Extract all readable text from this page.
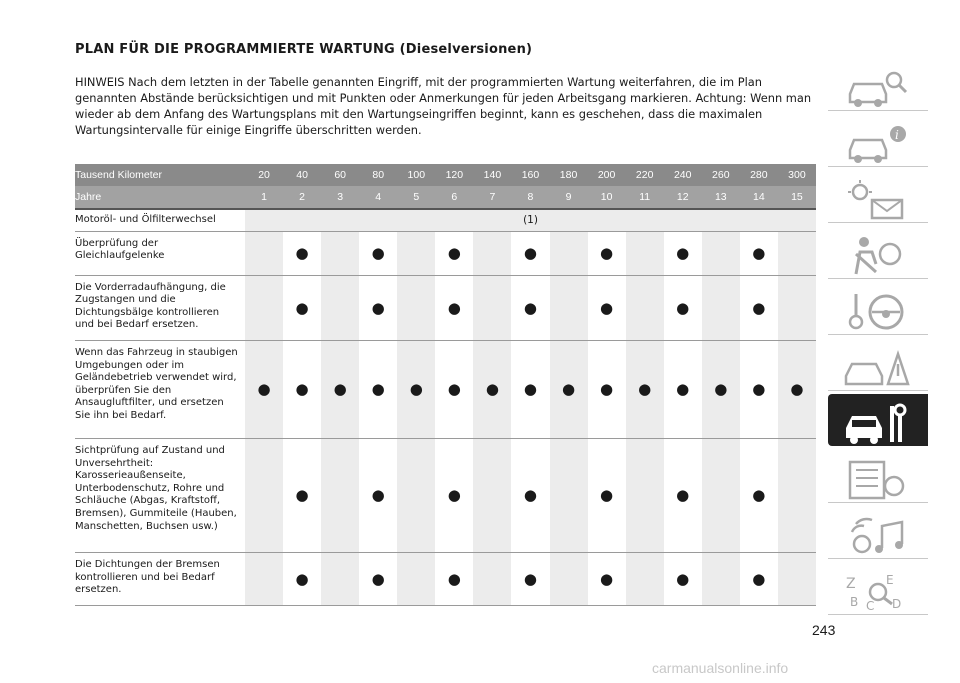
PLAN FÜR DIE PROGRAMMIERTE WARTUNG (Dieselversionen)
HINWEIS Nach dem letzten in der Tabelle genannten Eingriff, mit der programmierten Wartung weiterfahren, die im Plan genannten Abstände berücksichtigen und mit Punkten oder Anmerkungen für jeden Arbeitsgang markieren. Achtung: Wenn man wieder ab dem Anfang des Wartungsplans mit den Wartungseingriffen beginnt, kann es geschehen, dass die maximalen Wartungsintervalle für einige Eingriffe überschritten werden.
Tausend Kilometer	20	40	60	80	100	120	140	160	180	200	220	240	260	280	300
Jahre	1	2	3	4	5	6	7	8	9	10	11	12	13	14	15
Motoröl- und Ölfilterwechsel	(1)														
Überprüfung der Gleichlaufgelenke		●		●		●		●		●		●		●	
Die Vorderradaufhängung, die Zugstangen und die Dichtungsbälge kontrollieren und bei Bedarf ersetzen.		●		●		●		●		●		●		●	
Wenn das Fahrzeug in staubigen Umgebungen oder im Geländebetrieb verwendet wird, überprüfen Sie den Ansaugluftfilter, und ersetzen Sie ihn bei Bedarf.	●	●	●	●	●	●	●	●	●	●	●	●	●	●	●
Sichtprüfung auf Zustand und Unversehrtheit: Karosserieaußenseite, Unterbodenschutz, Rohre und Schläuche (Abgas, Kraftstoff, Bremsen), Gummiteile (Hauben, Manschetten, Buchsen usw.)		●		●		●		●		●		●		●	
Die Dichtungen der Bremsen kontrollieren und bei Bedarf ersetzen.		●		●		●		●		●		●		●	
i
Z	E
B C D
243
carmanualsonline.info
